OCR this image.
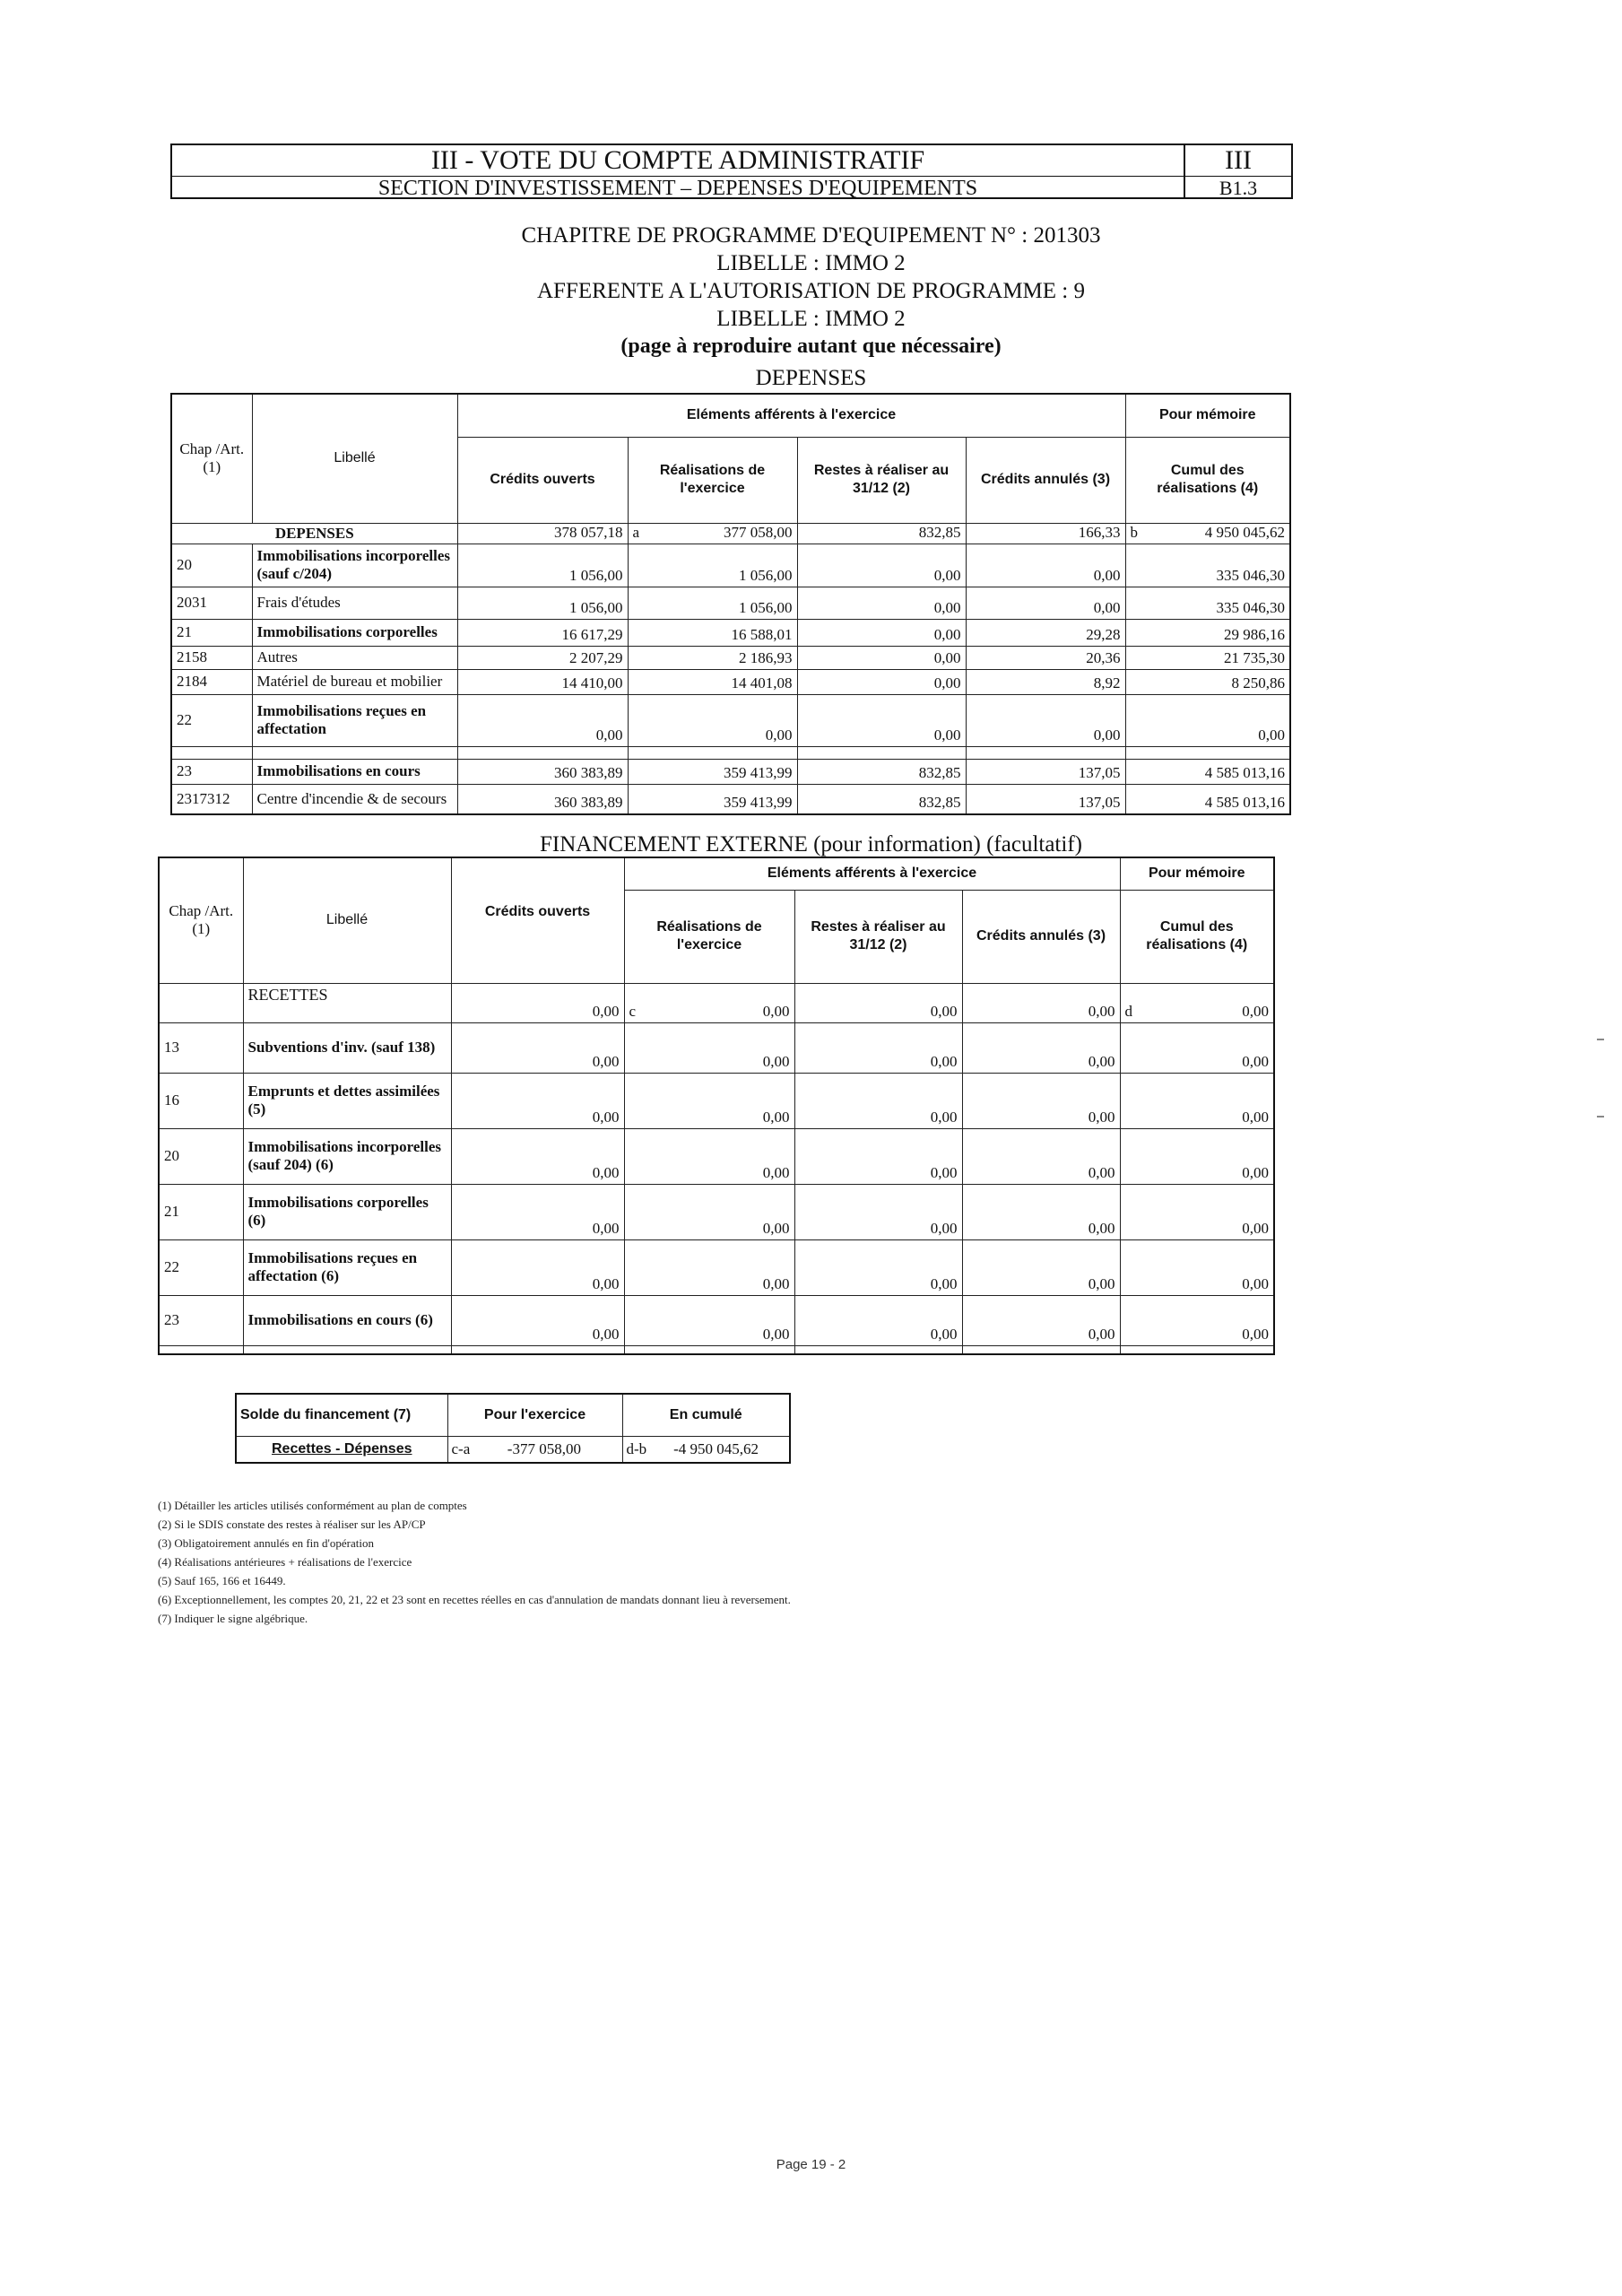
III - VOTE DU COMPTE ADMINISTRATIF
SECTION D'INVESTISSEMENT – DEPENSES D'EQUIPEMENTS
III
B1.3
CHAPITRE DE PROGRAMME D'EQUIPEMENT N° : 201303
LIBELLE : IMMO 2
AFFERENTE A L'AUTORISATION DE PROGRAMME : 9
LIBELLE : IMMO 2
(page à reproduire autant que nécessaire)
DEPENSES
Chap /Art. (1)	Libellé	Eléments afférents à l'exercice				Pour mémoire
		Crédits ouverts	Réalisations de l'exercice	Restes à réaliser au 31/12 (2)	Crédits annulés (3)	Cumul des réalisations (4)
DEPENSES		378 057,18	a 377 058,00	832,85	166,33	b 4 950 045,62
20	Immobilisations incorporelles (sauf c/204)	1 056,00	1 056,00	0,00	0,00	335 046,30
2031	Frais d'études	1 056,00	1 056,00	0,00	0,00	335 046,30
21	Immobilisations corporelles	16 617,29	16 588,01	0,00	29,28	29 986,16
2158	Autres	2 207,29	2 186,93	0,00	20,36	21 735,30
2184	Matériel de bureau et mobilier	14 410,00	14 401,08	0,00	8,92	8 250,86
22	Immobilisations reçues en affectation	0,00	0,00	0,00	0,00	0,00

23	Immobilisations en cours	360 383,89	359 413,99	832,85	137,05	4 585 013,16
2317312	Centre d'incendie & de secours	360 383,89	359 413,99	832,85	137,05	4 585 013,16
FINANCEMENT EXTERNE (pour information) (facultatif)
Chap /Art. (1)	Libellé	Crédits ouverts	Eléments afférents à l'exercice			Pour mémoire
			Réalisations de l'exercice	Restes à réaliser au 31/12 (2)	Crédits annulés (3)	Cumul des réalisations (4)
	RECETTES	0,00	c 0,00	0,00	0,00	d 0,00
13	Subventions d'inv. (sauf 138)	0,00	0,00	0,00	0,00	0,00
16	Emprunts et dettes assimilées (5)	0,00	0,00	0,00	0,00	0,00
20	Immobilisations incorporelles (sauf 204) (6)	0,00	0,00	0,00	0,00	0,00
21	Immobilisations corporelles (6)	0,00	0,00	0,00	0,00	0,00
22	Immobilisations reçues en affectation (6)	0,00	0,00	0,00	0,00	0,00
23	Immobilisations en cours (6)	0,00	0,00	0,00	0,00	0,00

Solde du financement (7)	Pour l'exercice	En cumulé
Recettes - Dépenses	c-a -377 058,00	d-b -4 950 045,62
(1) Détailler les articles utilisés conformément au plan de comptes
(2) Si le SDIS constate des restes à réaliser sur les AP/CP
(3) Obligatoirement annulés en fin d'opération
(4) Réalisations antérieures + réalisations de l'exercice
(5) Sauf 165, 166 et 16449.
(6) Exceptionnellement, les comptes 20, 21, 22 et 23 sont en recettes réelles en cas d'annulation de mandats donnant lieu à reversement.
(7) Indiquer le signe algébrique.
Page 19 - 2
